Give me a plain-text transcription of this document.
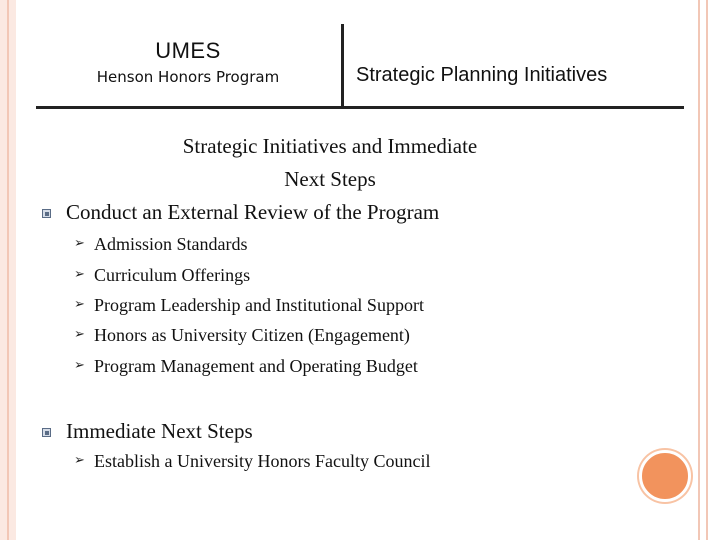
UMES
Henson Honors Program	Strategic Planning Initiatives
Strategic Initiatives and Immediate
Next Steps
Conduct an External Review of the Program
➢ Admission Standards
➢ Curriculum Offerings
➢ Program Leadership and Institutional Support
➢ Honors as University Citizen (Engagement)
➢ Program Management and Operating Budget
Immediate Next Steps
➢ Establish a University Honors Faculty Council
